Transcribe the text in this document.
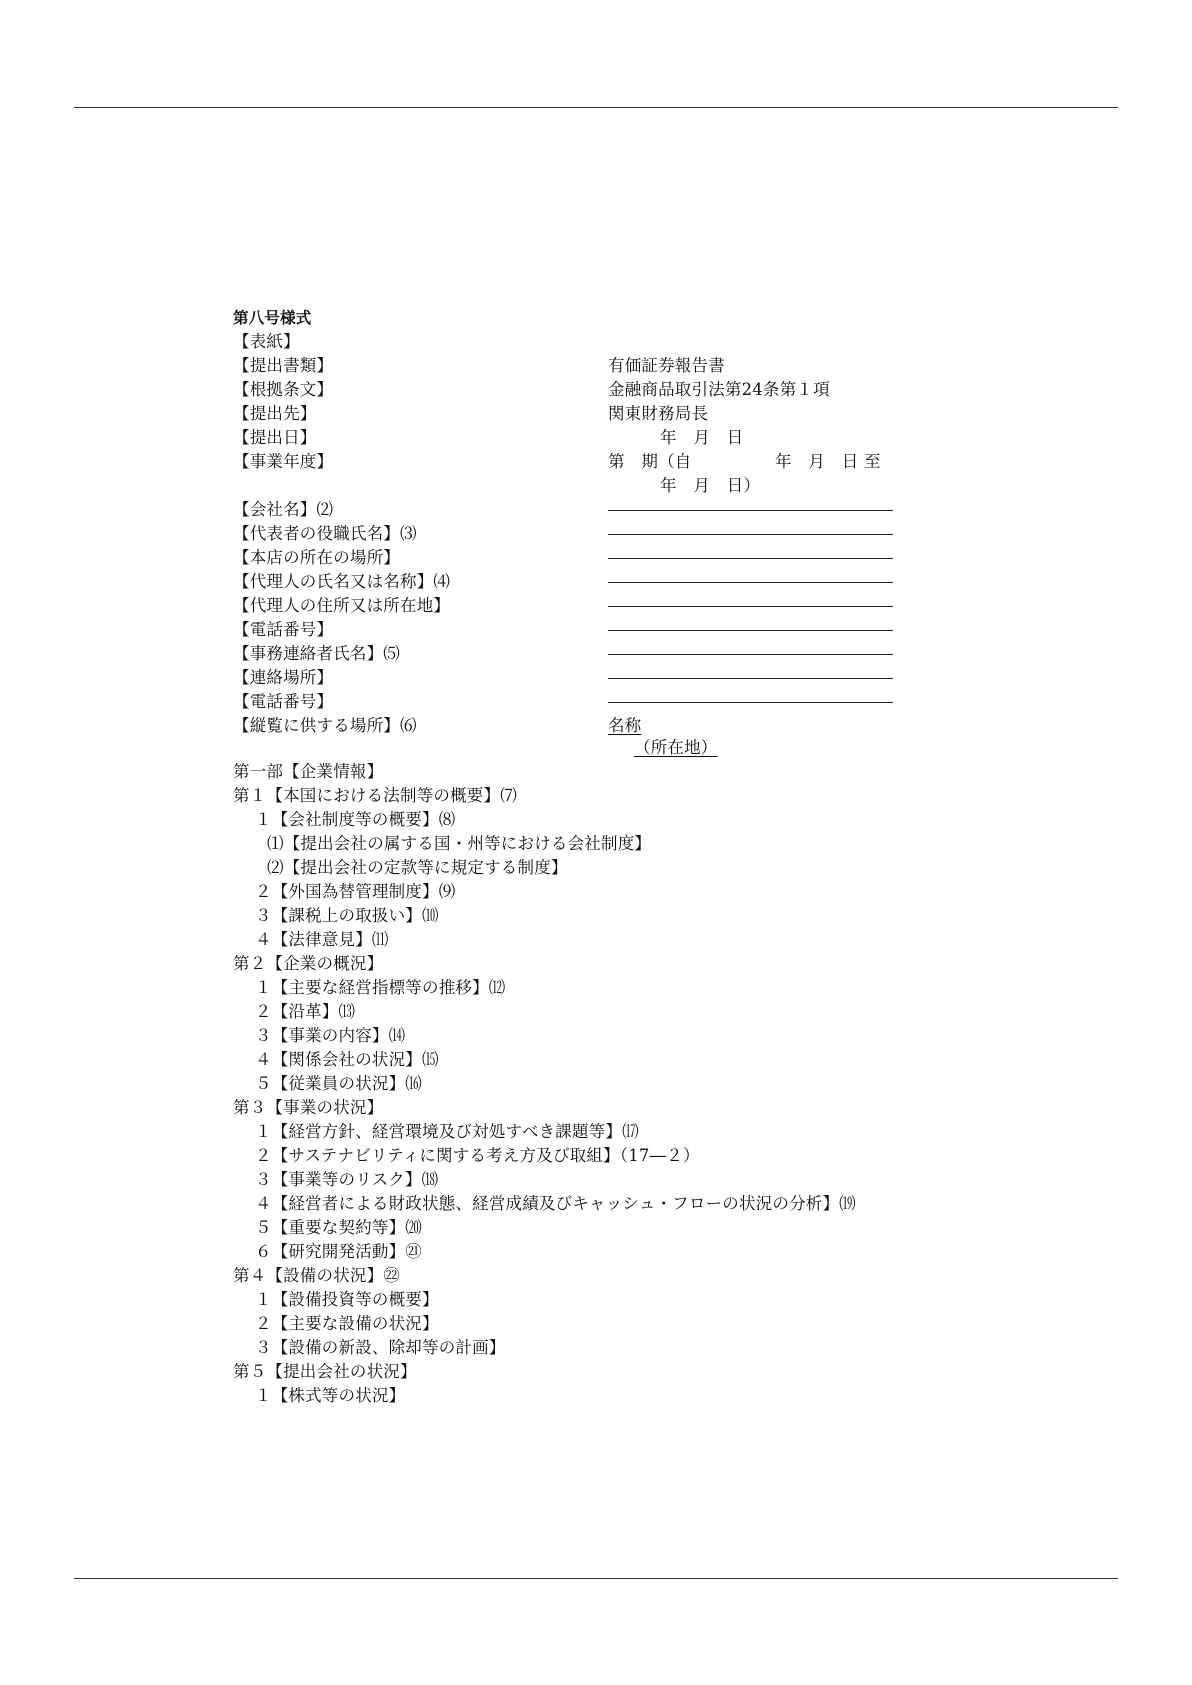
第八号様式
【表紙】
【提出書類】	有価証券報告書
【根拠条文】	金融商品取引法第24条第１項
【提出先】	関東財務局長
【提出日】	年　月　日
【事業年度】	第　期（自　　　　　年　月　日 至
年　月　日）
【会社名】⑵
【代表者の役職氏名】⑶
【本店の所在の場所】
【代理人の氏名又は名称】⑷
【代理人の住所又は所在地】
【電話番号】
【事務連絡者氏名】⑸
【連絡場所】
【電話番号】
【縦覧に供する場所】⑹	名称
（所在地）
第一部【企業情報】
第１【本国における法制等の概要】⑺
１【会社制度等の概要】⑻
⑴【提出会社の属する国・州等における会社制度】
⑵【提出会社の定款等に規定する制度】
２【外国為替管理制度】⑼
３【課税上の取扱い】⑽
４【法律意見】⑾
第２【企業の概況】
１【主要な経営指標等の推移】⑿
２【沿革】⒀
３【事業の内容】⒁
４【関係会社の状況】⒂
５【従業員の状況】⒃
第３【事業の状況】
１【経営方針、経営環境及び対処すべき課題等】⒄
２【サステナビリティに関する考え方及び取組】（17―２）
３【事業等のリスク】⒅
４【経営者による財政状態、経営成績及びキャッシュ・フローの状況の分析】⒆
５【重要な契約等】⒇
６【研究開発活動】㉑
第４【設備の状況】㉒
１【設備投資等の概要】
２【主要な設備の状況】
３【設備の新設、除却等の計画】
第５【提出会社の状況】
１【株式等の状況】
